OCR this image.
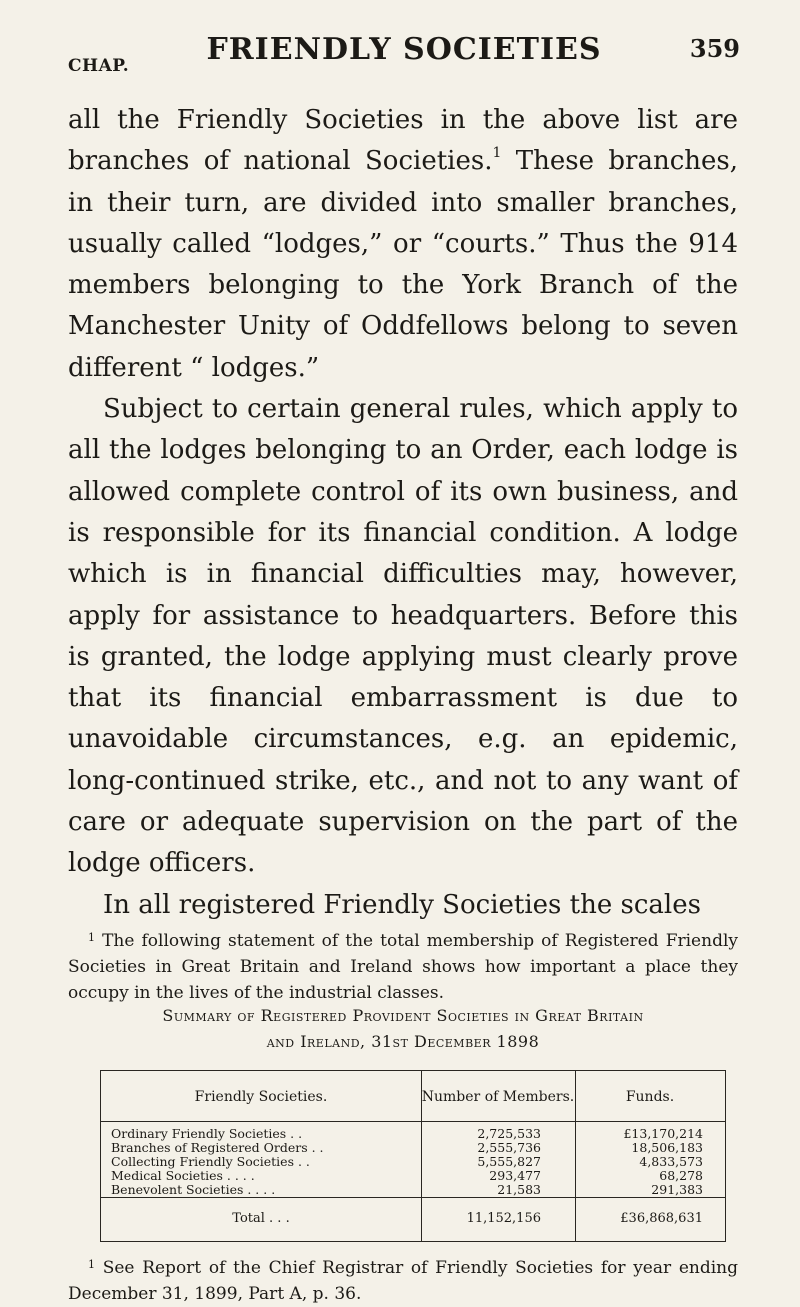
CHAP.	FRIENDLY SOCIETIES	359

all the Friendly Societies in the above list are branches of national Societies.$^1$ These branches, in their turn, are divided into smaller branches, usually called “lodges,” or “courts.” Thus the 914 members belonging to the York Branch of the Manchester Unity of Oddfellows belong to seven different “ lodges.”

Subject to certain general rules, which apply to all the lodges belonging to an Order, each lodge is allowed complete control of its own business, and is responsible for its financial condition. A lodge which is in financial difficulties may, however, apply for assistance to headquarters. Before this is granted, the lodge applying must clearly prove that its financial embarrassment is due to unavoidable circumstances, e.g. an epidemic, long-continued strike, etc., and not to any want of care or adequate supervision on the part of the lodge officers.

In all registered Friendly Societies the scales

$^1$ The following statement of the total membership of Registered Friendly Societies in Great Britain and Ireland shows how important a place they occupy in the lives of the industrial classes.

Summary of Registered Provident Societies in Great Britain
and Ireland, 31st December 1898
Friendly Societies.	Number of Members.	Funds.
Ordinary Friendly Societies . .	2,725,533	£13,170,214
Branches of Registered Orders . .	2,555,736	18,506,183
Collecting Friendly Societies . .	5,555,827	4,833,573
Medical Societies . . . .	293,477	68,278
Benevolent Societies . . . .	21,583	291,383
Total . . .	11,152,156	£36,868,631

$^1$ See Report of the Chief Registrar of Friendly Societies for year ending December 31, 1899, Part A, p. 36.
